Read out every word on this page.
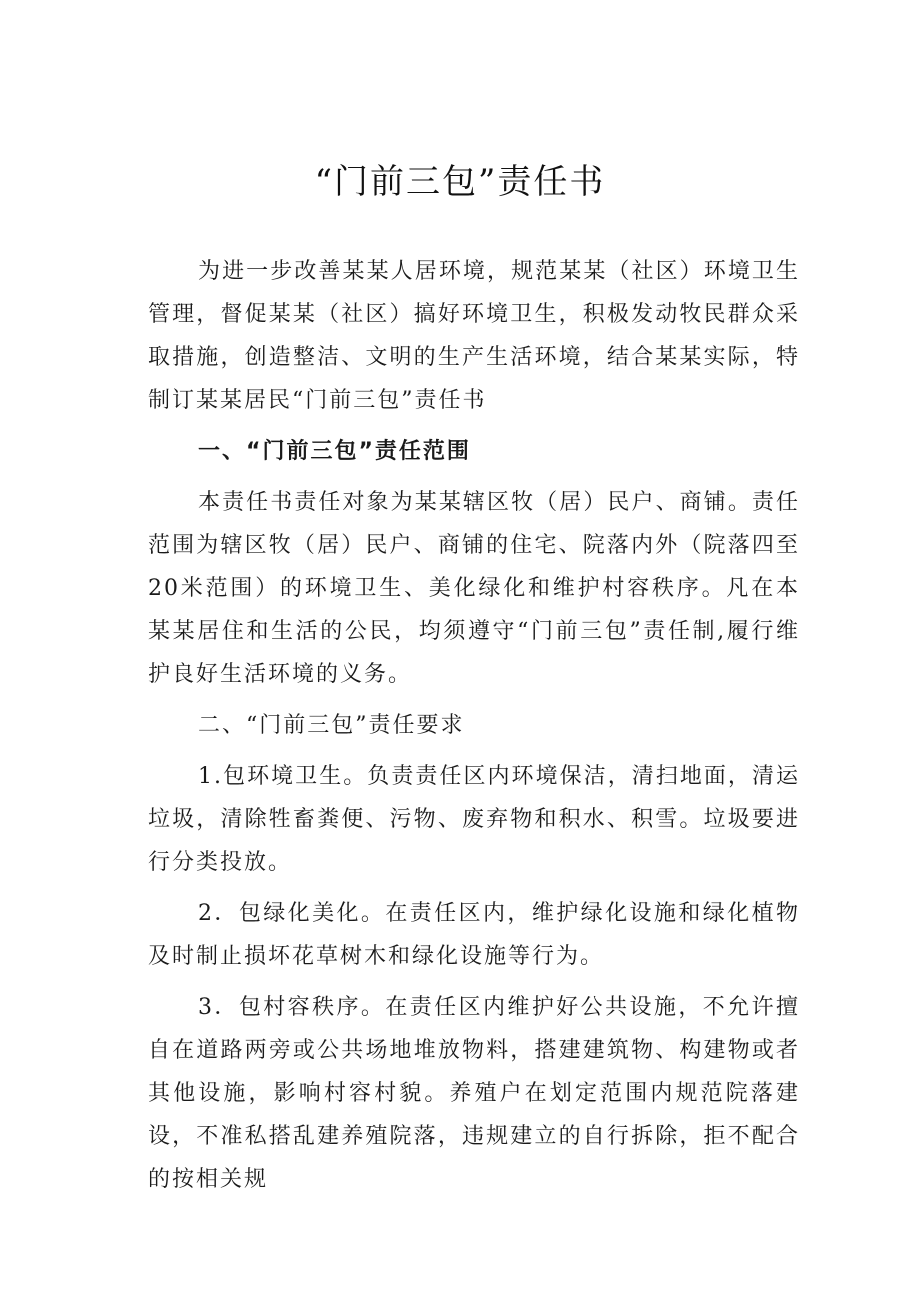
“门前三包”责任书

为进一步改善某某人居环境，规范某某（社区）环境卫生管理，督促某某（社区）搞好环境卫生，积极发动牧民群众采取措施，创造整洁、文明的生产生活环境，结合某某实际，特制订某某居民“门前三包”责任书

一、“门前三包”责任范围

本责任书责任对象为某某辖区牧（居）民户、商铺。责任范围为辖区牧（居）民户、商铺的住宅、院落内外（院落四至20米范围）的环境卫生、美化绿化和维护村容秩序。凡在本某某居住和生活的公民，均须遵守“门前三包”责任制,履行维护良好生活环境的义务。

二、“门前三包”责任要求

1.包环境卫生。负责责任区内环境保洁，清扫地面，清运垃圾，清除牲畜粪便、污物、废弃物和积水、积雪。垃圾要进行分类投放。

2．包绿化美化。在责任区内，维护绿化设施和绿化植物及时制止损坏花草树木和绿化设施等行为。

3．包村容秩序。在责任区内维护好公共设施，不允许擅自在道路两旁或公共场地堆放物料，搭建建筑物、构建物或者其他设施，影响村容村貌。养殖户在划定范围内规范院落建设，不准私搭乱建养殖院落，违规建立的自行拆除，拒不配合的按相关规
